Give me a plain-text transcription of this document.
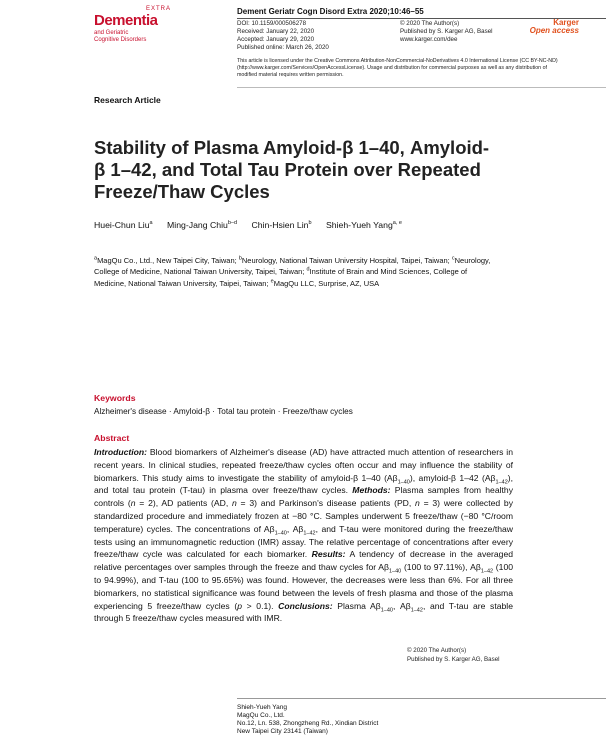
EXTRA
Dementia
and Geriatric
Cognitive Disorders
Dement Geriatr Cogn Disord Extra 2020;10:46–55
DOI: 10.1159/000506278
Received: January 22, 2020
Accepted: January 29, 2020
Published online: March 26, 2020
© 2020 The Author(s)
Published by S. Karger AG, Basel
www.karger.com/dee
Karger
Open access
This article is licensed under the Creative Commons Attribution-NonCommercial-NoDerivatives 4.0 International License (CC BY-NC-ND) (http://www.karger.com/Services/OpenAccessLicense). Usage and distribution for commercial purposes as well as any distribution of modified material requires written permission.
Research Article
Stability of Plasma Amyloid-β 1–40, Amyloid-β 1–42, and Total Tau Protein over Repeated Freeze/Thaw Cycles
Huei-Chun Liu$^a$ Ming-Jang Chiu$^{b-d}$ Chin-Hsien Lin$^b$ Shieh-Yueh Yang$^{a, e}$
$^a$MagQu Co., Ltd., New Taipei City, Taiwan; $^b$Neurology, National Taiwan University Hospital, Taipei, Taiwan; $^c$Neurology, College of Medicine, National Taiwan University, Taipei, Taiwan; $^d$Institute of Brain and Mind Sciences, College of Medicine, National Taiwan University, Taipei, Taiwan; $^e$MagQu LLC, Surprise, AZ, USA
Keywords
Alzheimer's disease · Amyloid-β · Total tau protein · Freeze/thaw cycles
Abstract
Introduction: Blood biomarkers of Alzheimer's disease (AD) have attracted much attention of researchers in recent years. In clinical studies, repeated freeze/thaw cycles often occur and may influence the stability of biomarkers. This study aims to investigate the stability of amyloid-β 1–40 $(A\beta_{1-40})$, amyloid-β 1–42 $(A\beta_{1-42})$, and total tau protein (T-tau) in plasma over freeze/thaw cycles. Methods: Plasma samples from healthy controls (n = 2), AD patients (AD, n = 3) and Parkinson's disease patients (PD, n = 3) were collected by standardized procedure and immediately frozen at −80 °C. Samples underwent 5 freeze/thaw (−80 °C/room temperature) cycles. The concentrations of $A\beta_{1-40}$, $A\beta_{1-42}$, and T-tau were monitored during the freeze/thaw tests using an immunomagnetic reduction (IMR) assay. The relative percentage of concentrations after every freeze/thaw cycle was calculated for each biomarker. Results: A tendency of decrease in the averaged relative percentages over samples through the freeze and thaw cycles for $A\beta_{1-40}$ (100 to 97.11%), $A\beta_{1-42}$ (100 to 94.99%), and T-tau (100 to 95.65%) was found. However, the decreases were less than 6%. For all three biomarkers, no statistical significance was found between the levels of fresh plasma and those of the plasma experiencing 5 freeze/thaw cycles (p > 0.1). Conclusions: Plasma $A\beta_{1-40}$, $A\beta_{1-42}$, and T-tau are stable through 5 freeze/thaw cycles measured with IMR.
© 2020 The Author(s)
Published by S. Karger AG, Basel
Shieh-Yueh Yang
MagQu Co., Ltd.
No.12, Ln. 538, Zhongzheng Rd., Xindian District
New Taipei City 23141 (Taiwan)
